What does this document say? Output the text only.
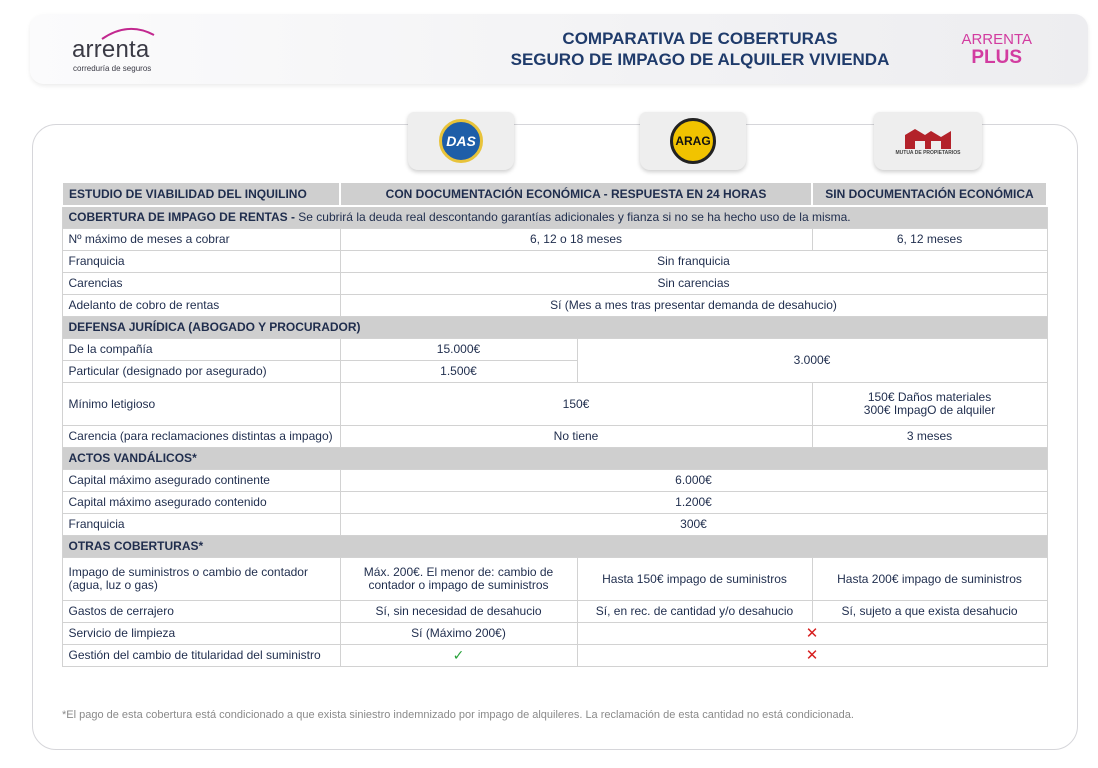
arrenta
correduría de seguros
COMPARATIVA DE COBERTURAS
SEGURO DE IMPAGO DE ALQUILER VIVIENDA
ARRENTA
PLUS
DAS	ARAG
MUTUA DE PROPIETARIOS
ESTUDIO DE VIABILIDAD DEL INQUILINO	CON DOCUMENTACIÓN ECONÓMICA - RESPUESTA EN 24 HORAS		SIN DOCUMENTACIÓN ECONÓMICA
COBERTURA DE IMPAGO DE RENTAS - Se cubrirá la deuda real descontando garantías adicionales y fianza si no se ha hecho uso de la misma.			
Nº máximo de meses a cobrar	6, 12 o 18 meses		6, 12 meses
Franquicia	Sin franquicia		
Carencias	Sin carencias		
Adelanto de cobro de rentas	Sí (Mes a mes tras presentar demanda de desahucio)		
DEFENSA JURÍDICA (ABOGADO Y PROCURADOR)			
De la compañía	15.000€	3.000€	
Particular (designado por asegurado)	1.500€		
Mínimo letigioso	150€		150€ Daños materiales
300€ ImpagO de alquiler

Carencia (para reclamaciones distintas a impago)	No tiene		3 meses
ACTOS VANDÁLICOS*			
Capital máximo asegurado continente	6.000€		
Capital máximo asegurado contenido	1.200€		
Franquicia	300€		
OTRAS COBERTURAS*			
Impago de suministros o cambio de contador (agua, luz o gas)	Máx. 200€. El menor de: cambio de contador o impago de suministros	Hasta 150€ impago de suministros	Hasta 200€ impago de suministros
Gastos de cerrajero	Sí, sin necesidad de desahucio	Sí, en rec. de cantidad y/o desahucio	Sí, sujeto a que exista desahucio
Servicio de limpieza	Sí (Máximo 200€)	✕	
Gestión del cambio de titularidad del suministro	✓	✕	
*El pago de esta cobertura está condicionado a que exista siniestro indemnizado por impago de alquileres. La reclamación de esta cantidad no está condicionada.
